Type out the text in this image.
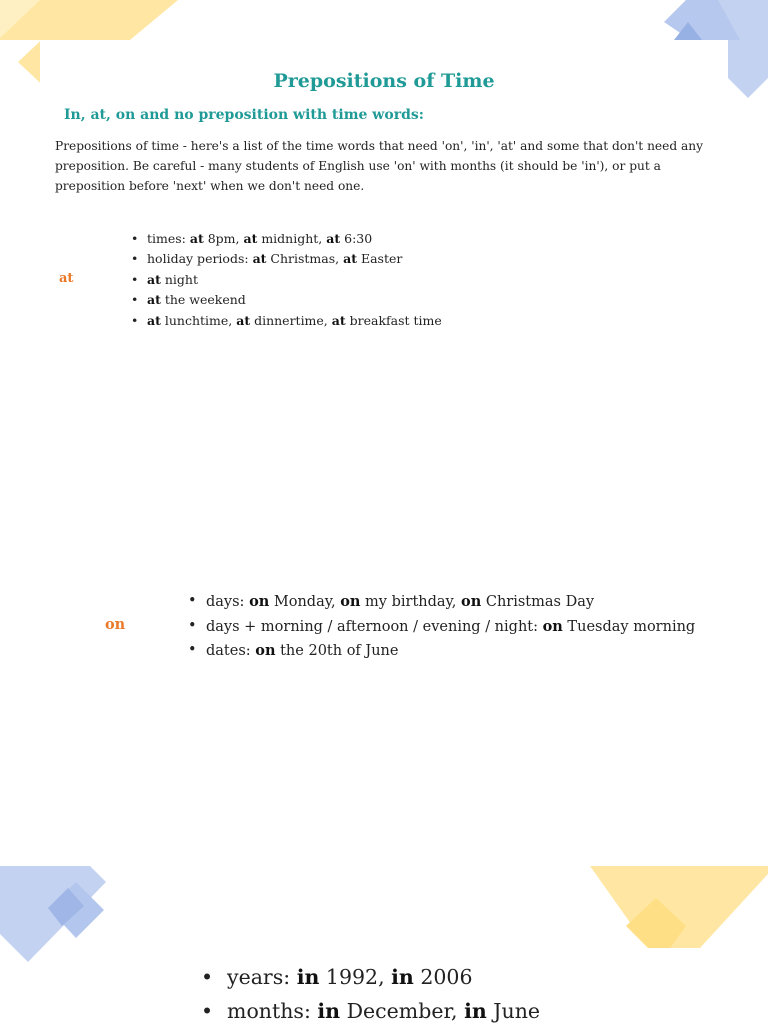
Prepositions of Time
In, at, on and no preposition with time words:

Prepositions of time - here's a list of the time words that need 'on', 'in', 'at' and some that don't need any preposition. Be careful - many students of English use 'on' with months (it should be 'in'), or put a preposition before 'next' when we don't need one.

at
• times: at 8pm, at midnight, at 6:30
• holiday periods: at Christmas, at Easter
• at night
• at the weekend
• at lunchtime, at dinnertime, at breakfast time
on
• days: on Monday, on my birthday, on Christmas Day
• days + morning / afternoon / evening / night: on Tuesday morning
• dates: on the 20th of June
• years: in 1992, in 2006
• months: in December, in June
